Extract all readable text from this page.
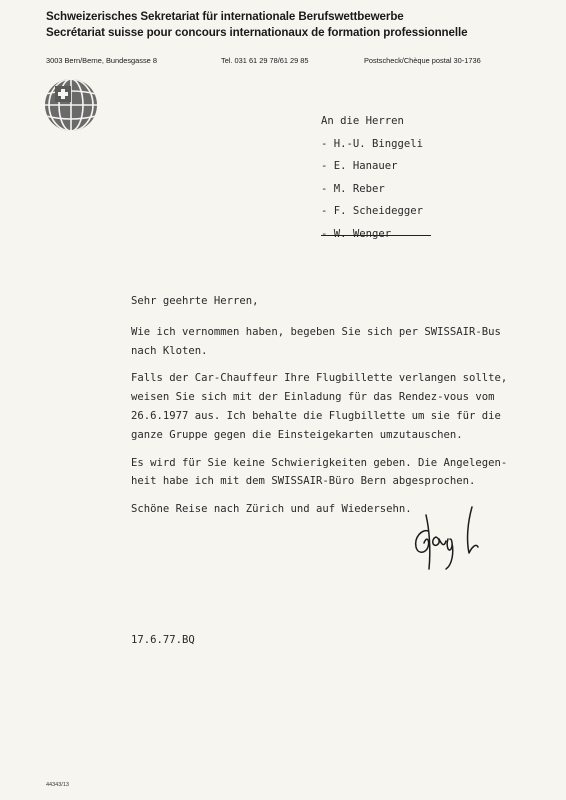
Schweizerisches Sekretariat für internationale Berufswettbewerbe
Secrétariat suisse pour concours internationaux de formation professionnelle
3003 Bern/Berne, Bundesgasse 8	Tel. 031 61 29 78/61 29 85	Postscheck/Chèque postal 30-1736
An die Herren
- H.-U. Binggeli
- E. Hanauer
- M. Reber
- F. Scheidegger
- W. Wenger

Sehr geehrte Herren,

Wie ich vernommen haben, begeben Sie sich per SWISSAIR-Bus
nach Kloten.

Falls der Car-Chauffeur Ihre Flugbillette verlangen sollte,
weisen Sie sich mit der Einladung für das Rendez-vous vom
26.6.1977 aus. Ich behalte die Flugbillette um sie für die
ganze Gruppe gegen die Einsteigekarten umzutauschen.

Es wird für Sie keine Schwierigkeiten geben. Die Angelegen-
heit habe ich mit dem SWISSAIR-Büro Bern abgesprochen.

Schöne Reise nach Zürich und auf Wiedersehn.

17.6.77.BQ
44343/13
